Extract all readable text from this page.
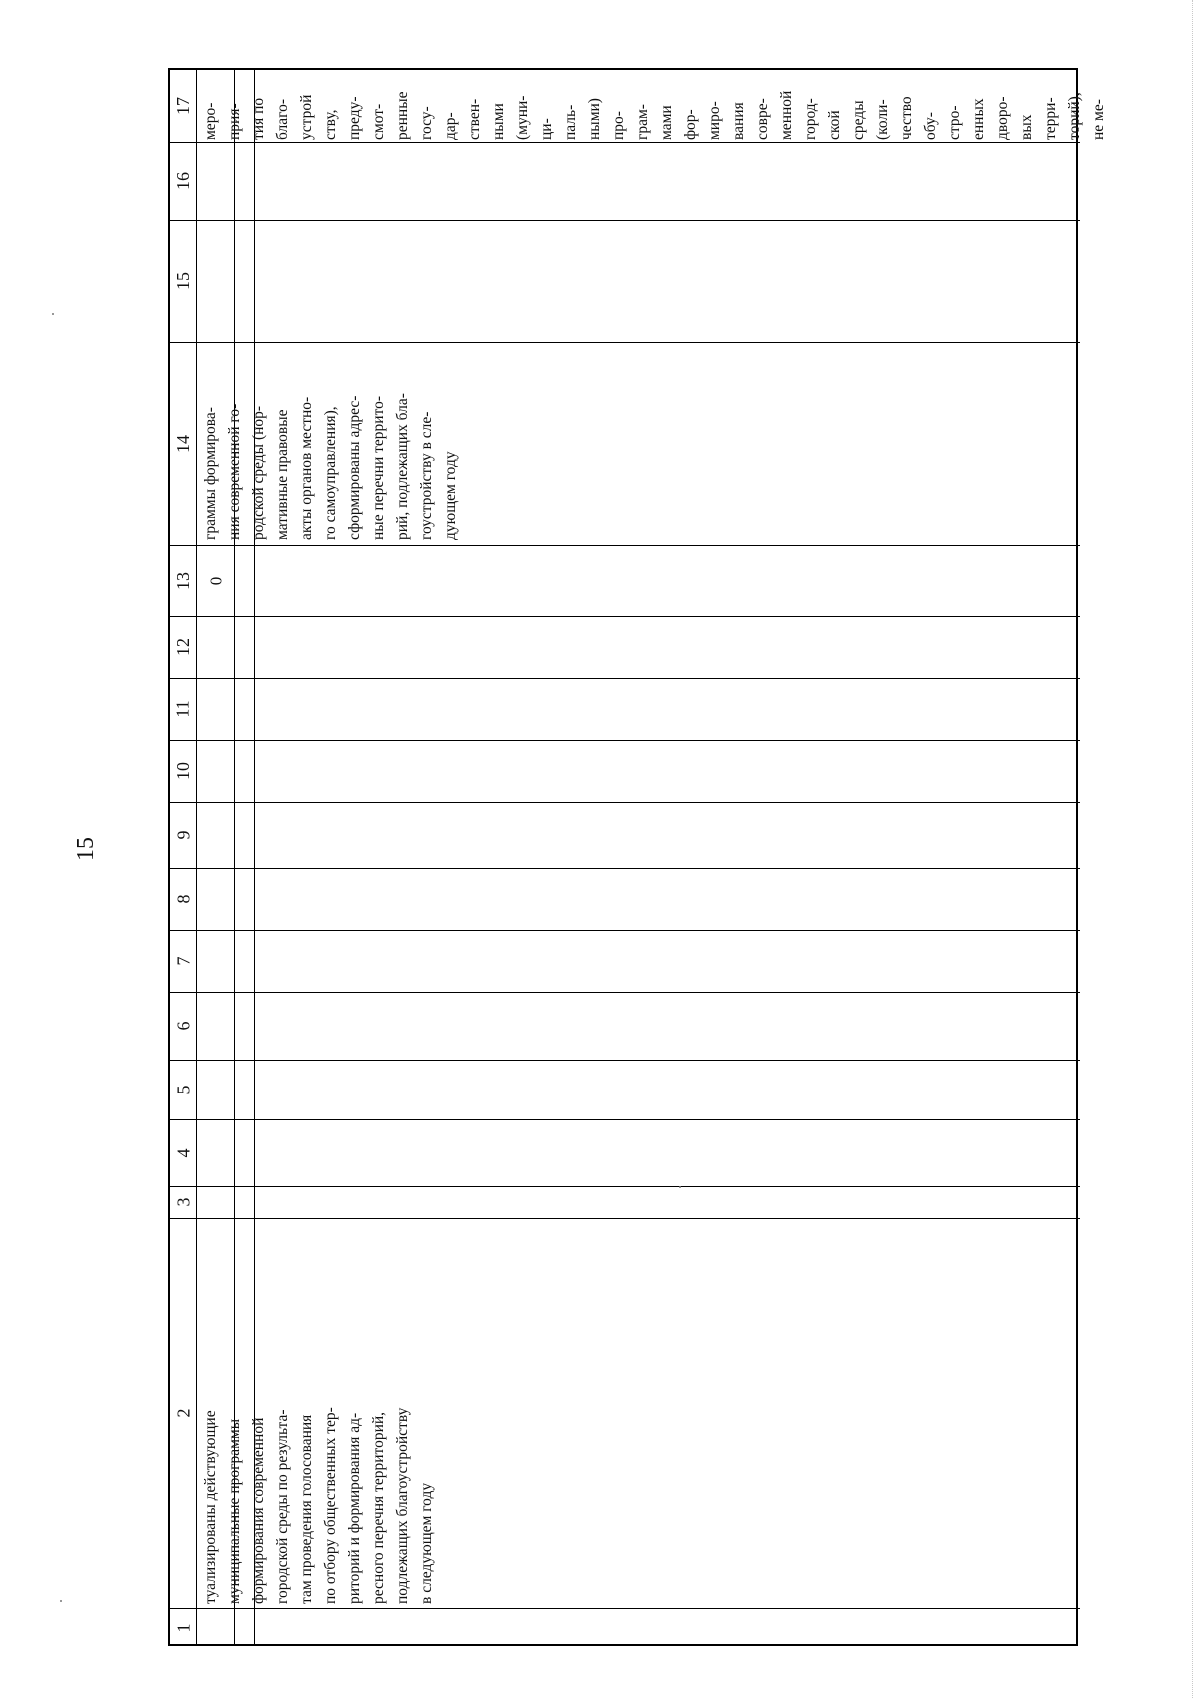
15
17
16
15
14
13
12
11
10
9
8
7
6
5
4
3
2
1
меро- прия- тия по благо- устрой ству, преду- смот- ренные госу- дар- ствен- ными (муни- ци- паль- ными) про- грам- мами фор- миро- вания совре- менной город- ской среды (коли- чество обу- стро- енных дворо- вых терри- торий), не ме-
граммы формирова- ния современной го- родской среды (нор- мативные правовые акты органов местно- го самоуправления), сформированы адрес- ные перечни террито- рий, подлежащих бла- гоустройству в сле- дующем году
0
туализированы действующие муниципальные программы формирования современной городской среды по результа- там проведения голосования по отбору общественных тер- риторий и формирования ад- ресного перечня территорий, подлежащих благоустройству в следующем году
